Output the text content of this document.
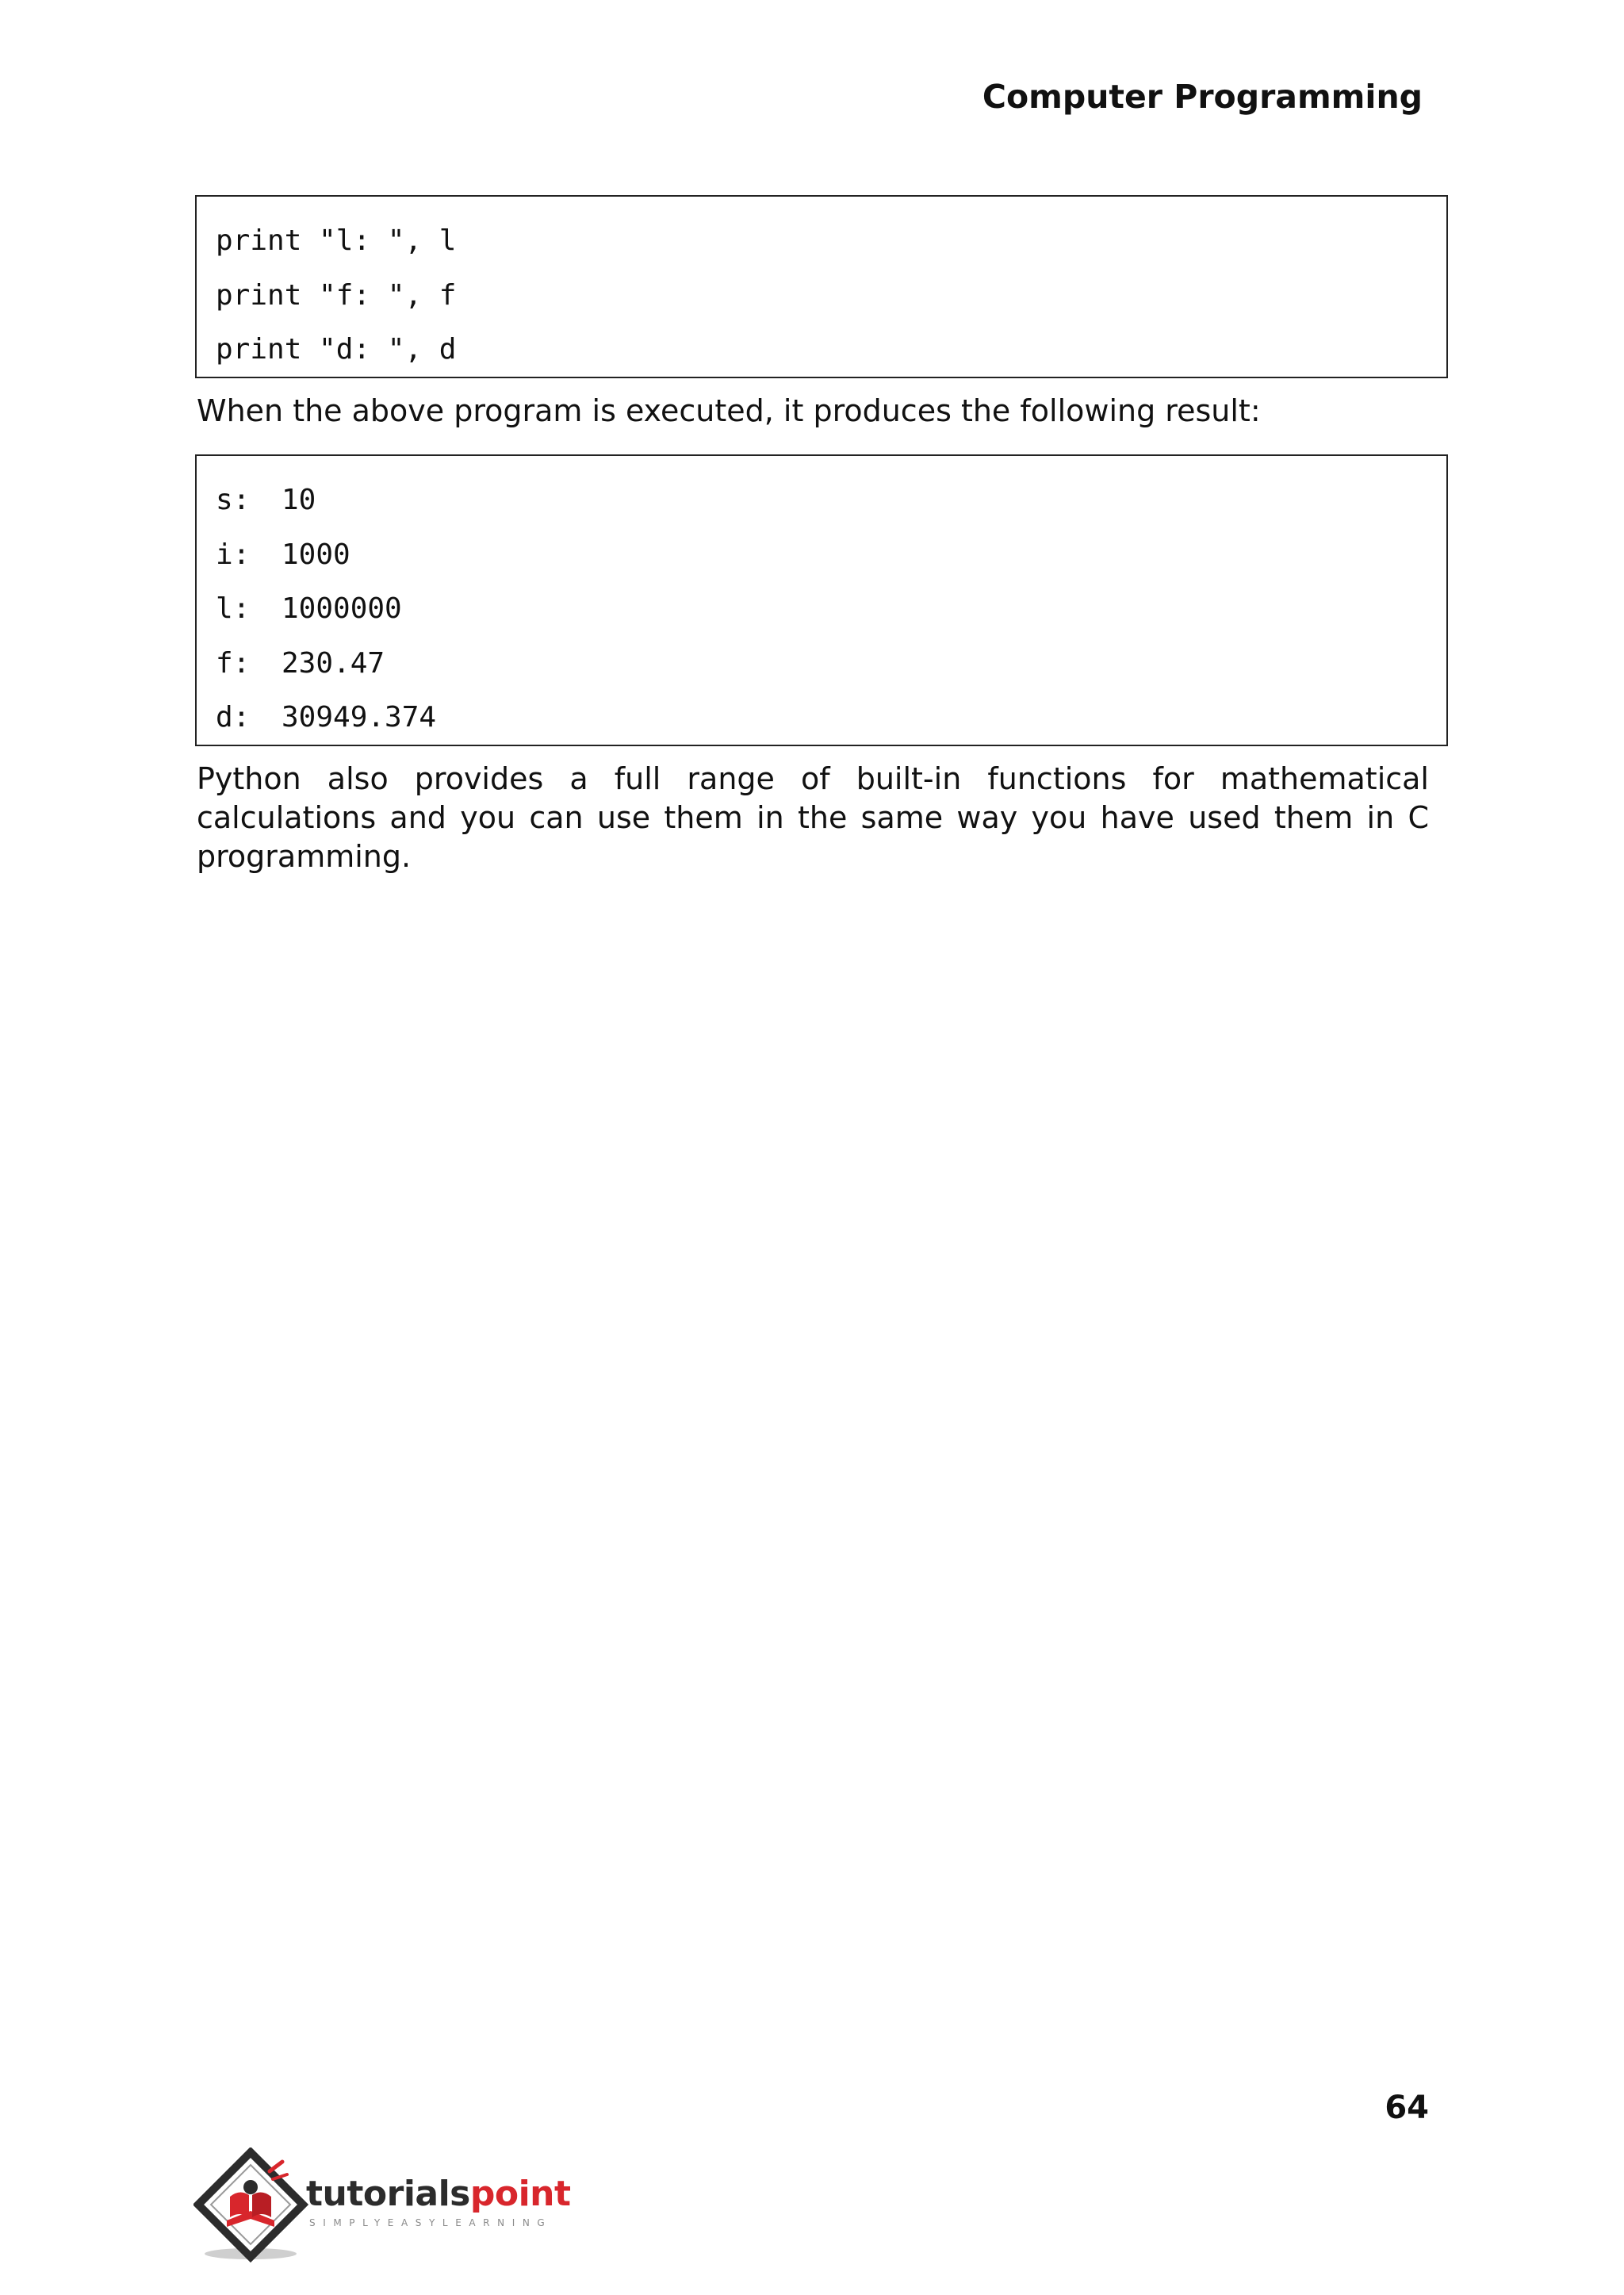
Computer Programming
print "l: ", l
print "f: ", f
print "d: ", d
When the above program is executed, it produces the following result:
s:	10
i:	1000
l:	1000000
f:	230.47
d:	30949.374
Python also provides a full range of built-in functions for mathematical calculations and you can use them in the same way you have used them in C programming.
64
tutorialspoint
SIMPLYEASYLEARNING
